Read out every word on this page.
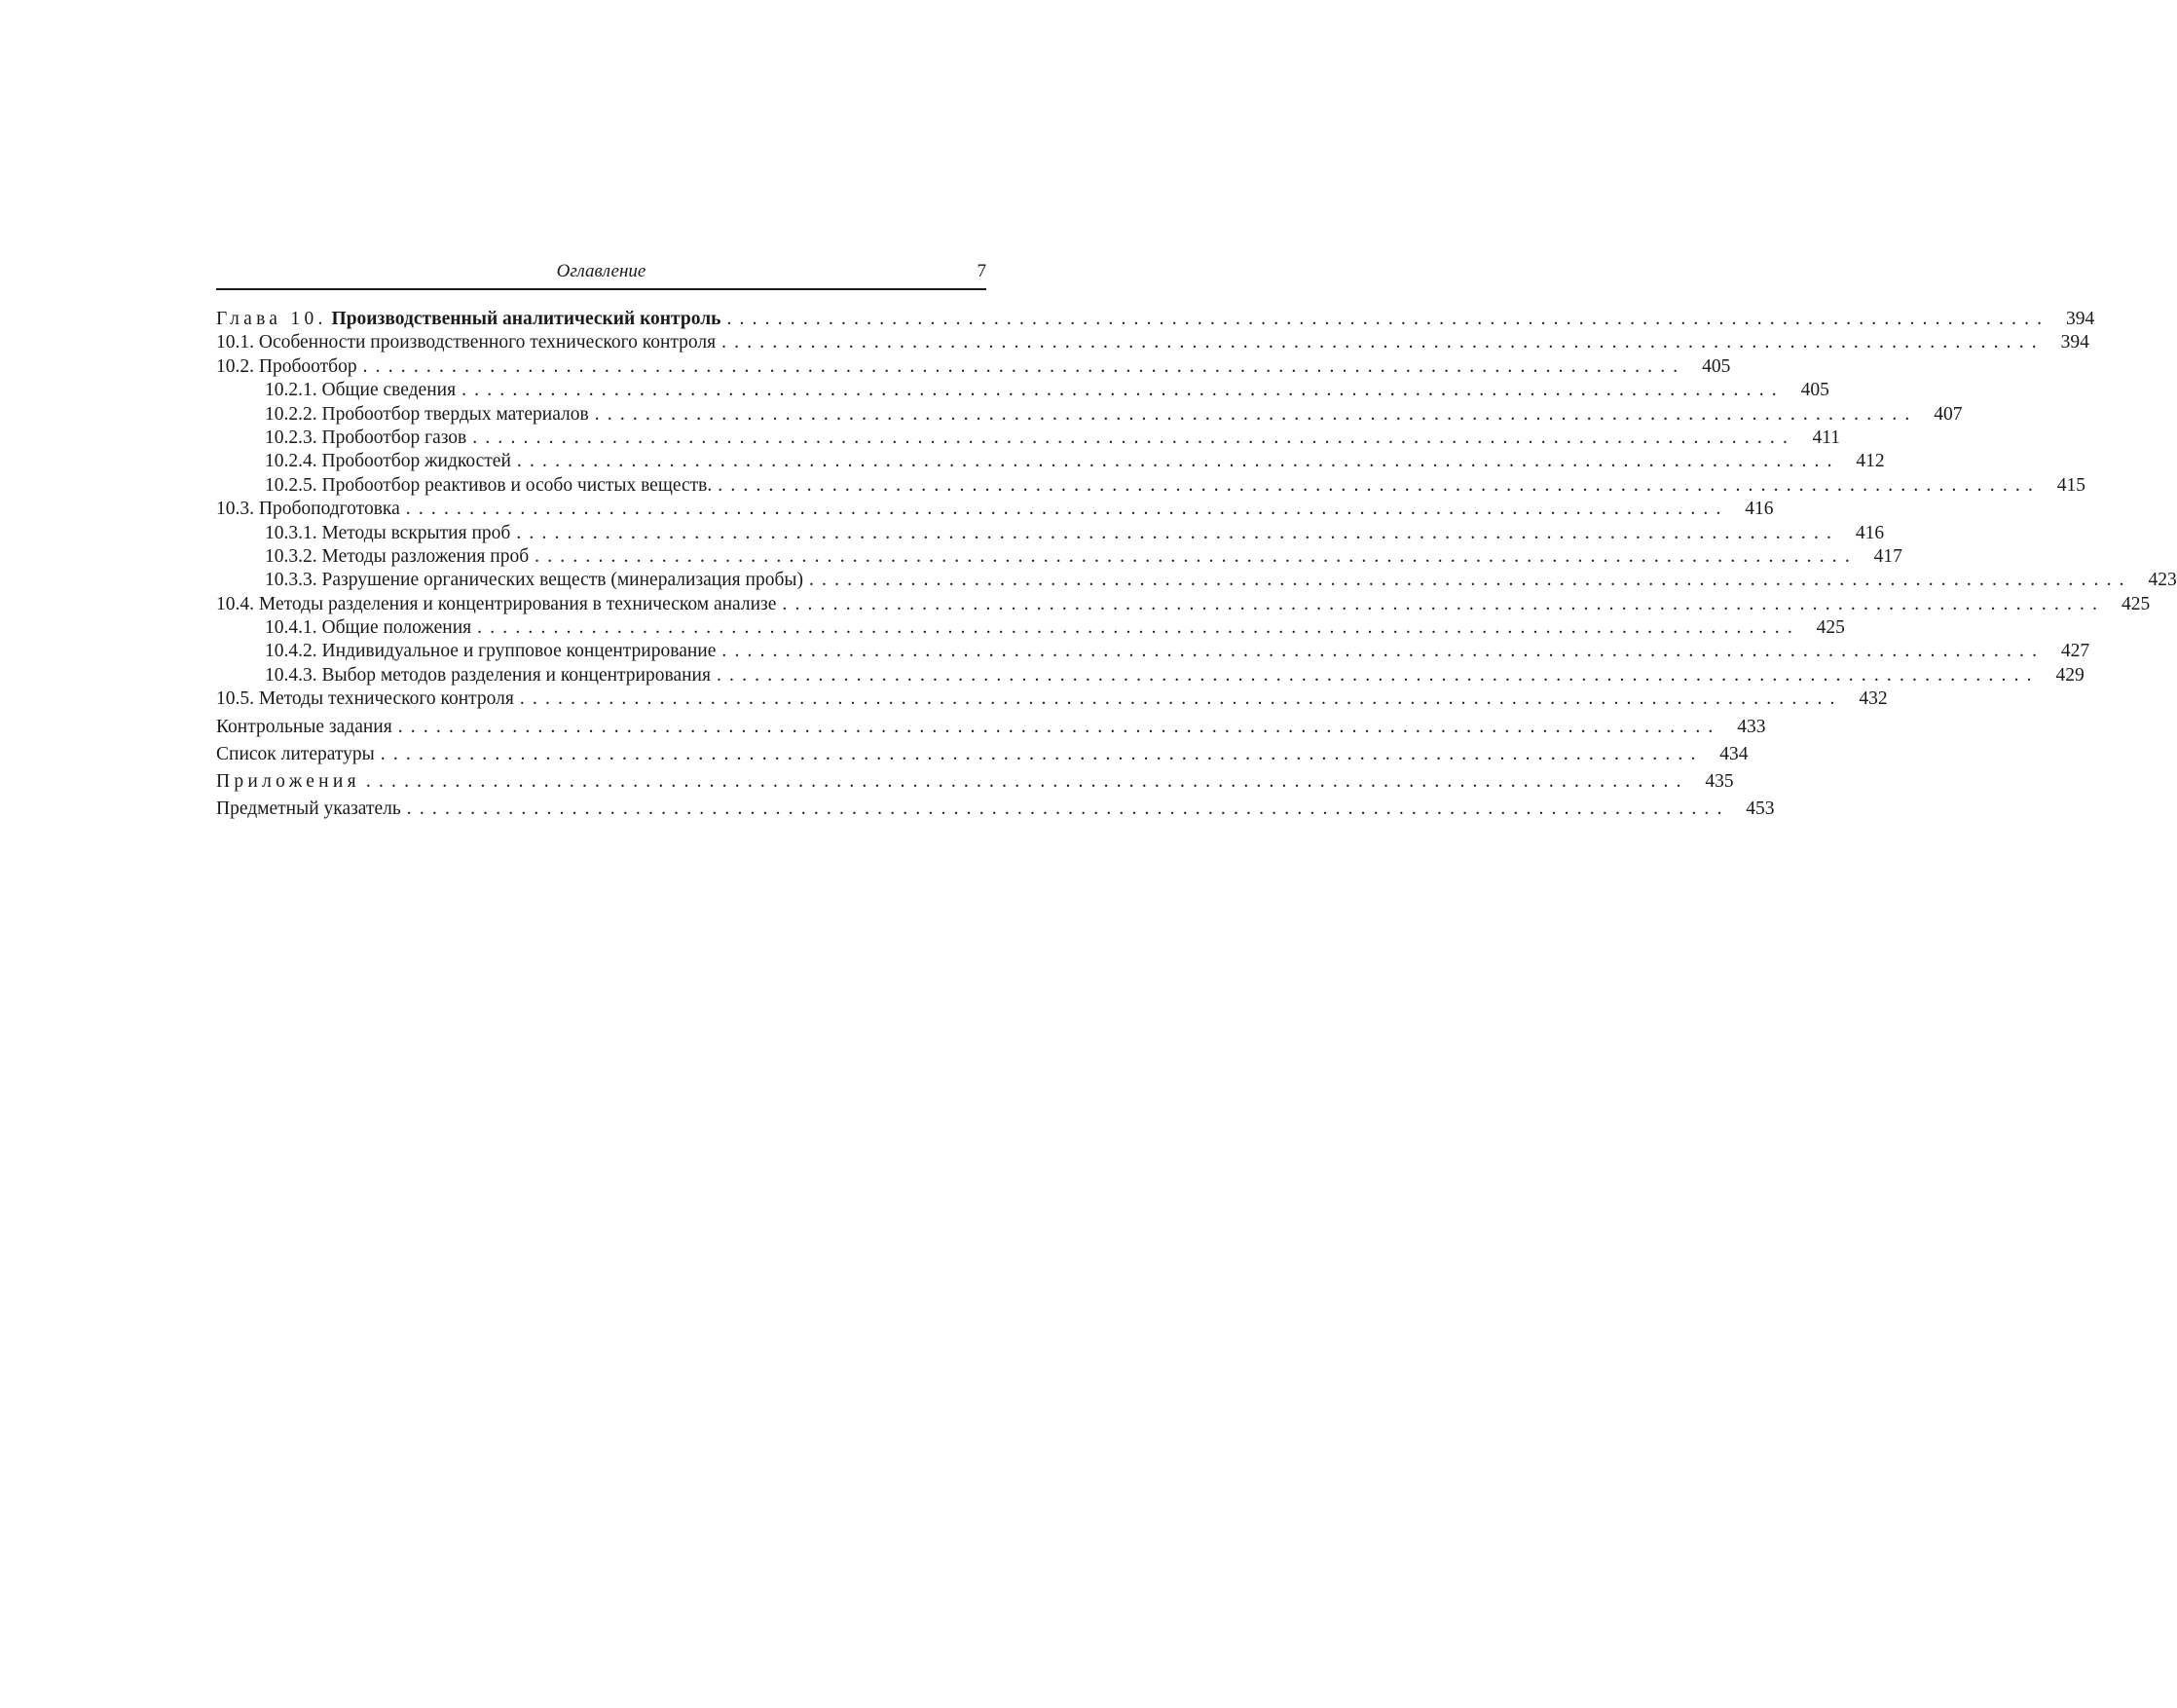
Оглавление	7
Глава 10. Производственный аналитический контроль ........................................................................................................ 394
10.1. Особенности производственного технического контроля ........................................................................................................ 394
10.2. Пробоотбор ........................................................................................................ 405
10.2.1. Общие сведения ........................................................................................................ 405
10.2.2. Пробоотбор твердых материалов ........................................................................................................ 407
10.2.3. Пробоотбор газов ........................................................................................................ 411
10.2.4. Пробоотбор жидкостей ........................................................................................................ 412
10.2.5. Пробоотбор реактивов и особо чистых веществ. ........................................................................................................ 415
10.3. Пробоподготовка ........................................................................................................ 416
10.3.1. Методы вскрытия проб ........................................................................................................ 416
10.3.2. Методы разложения проб ........................................................................................................ 417
10.3.3. Разрушение органических веществ (минерализация пробы) ........................................................................................................ 423
10.4. Методы разделения и концентрирования в техническом анализе ........................................................................................................ 425
10.4.1. Общие положения ........................................................................................................ 425
10.4.2. Индивидуальное и групповое концентрирование ........................................................................................................ 427
10.4.3. Выбор методов разделения и концентрирования ........................................................................................................ 429
10.5. Методы технического контроля ........................................................................................................ 432
Контрольные задания ........................................................................................................ 433
Список литературы ........................................................................................................ 434
Приложения ........................................................................................................ 435
Предметный указатель ........................................................................................................ 453
